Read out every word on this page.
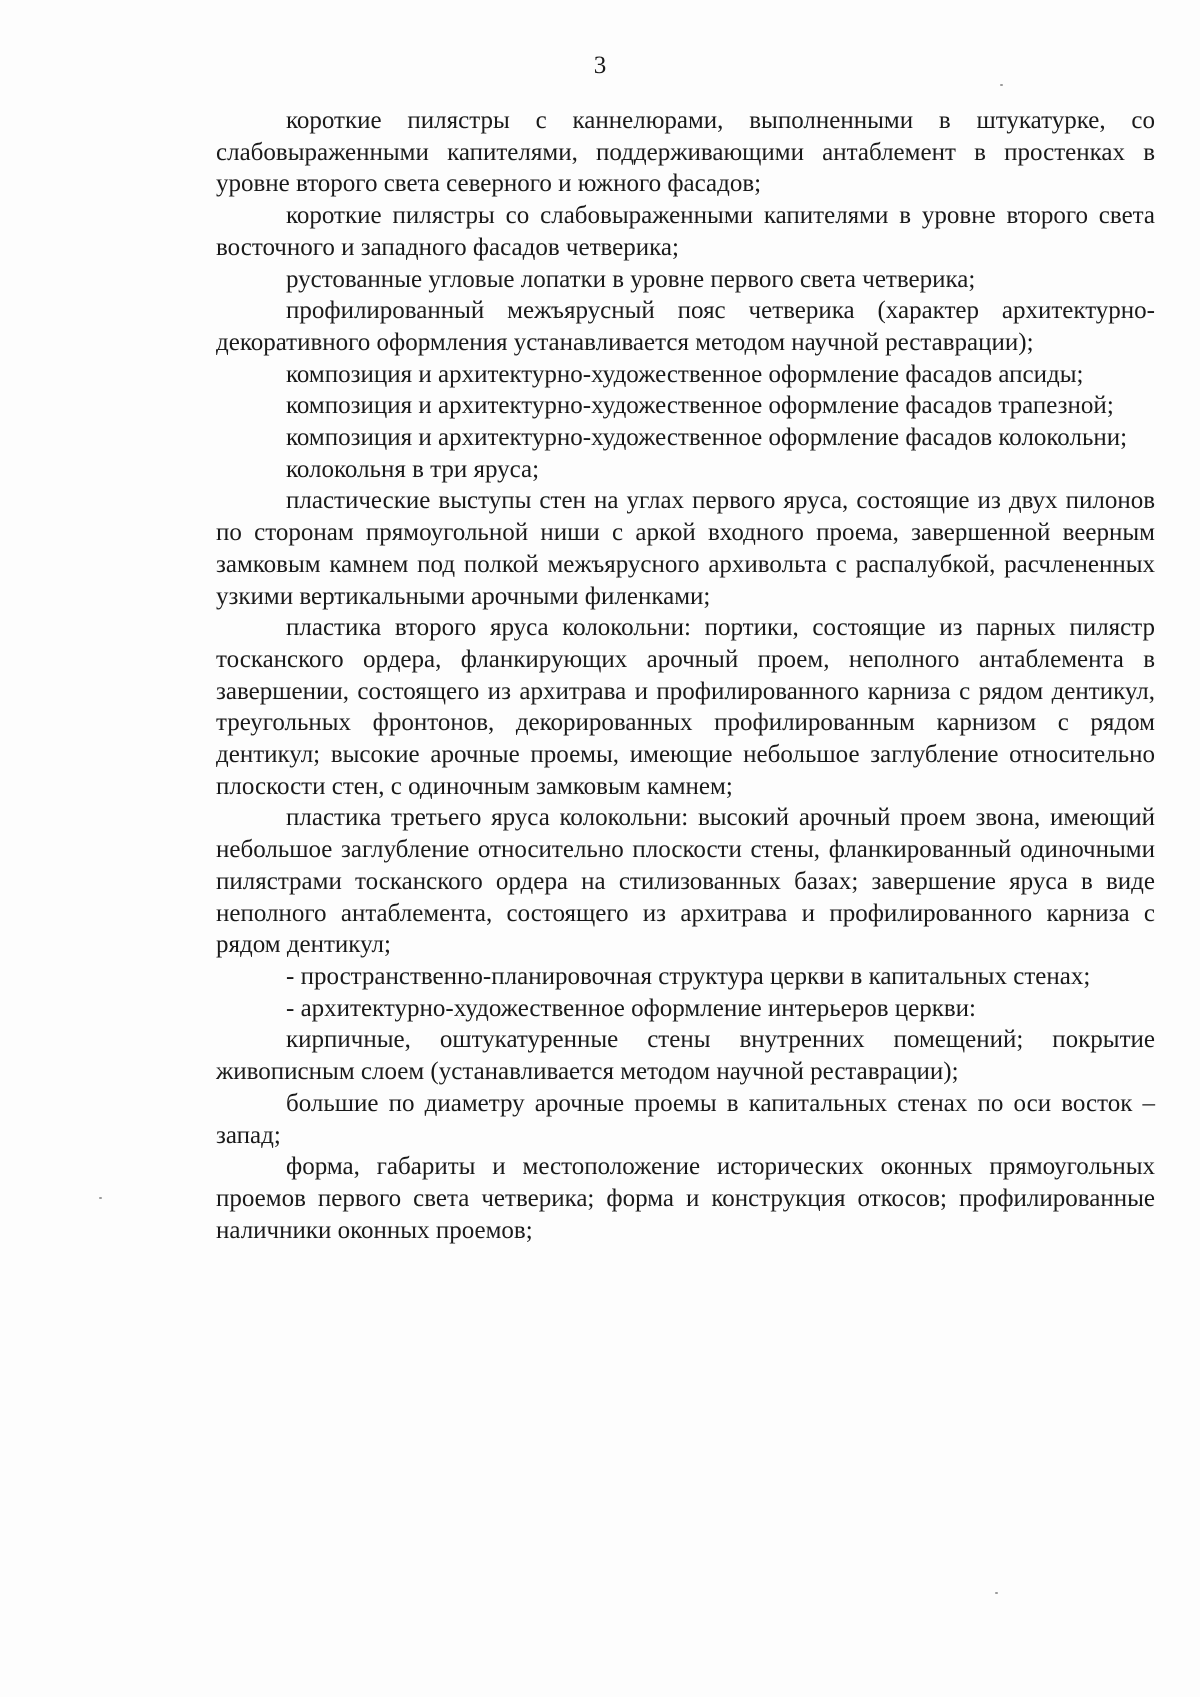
3

короткие пилястры с каннелюрами, выполненными в штукатурке, со слабовыраженными капителями, поддерживающими антаблемент в простенках в уровне второго света северного и южного фасадов;

короткие пилястры со слабовыраженными капителями в уровне второго света восточного и западного фасадов четверика;

рустованные угловые лопатки в уровне первого света четверика;

профилированный межъярусный пояс четверика (характер архитектурно-декоративного оформления устанавливается методом научной реставрации);

композиция и архитектурно-художественное оформление фасадов апсиды;

композиция и архитектурно-художественное оформление фасадов трапезной;

композиция и архитектурно-художественное оформление фасадов колокольни;

колокольня в три яруса;

пластические выступы стен на углах первого яруса, состоящие из двух пилонов по сторонам прямоугольной ниши с аркой входного проема, завершенной веерным замковым камнем под полкой межъярусного архивольта с распалубкой, расчлененных узкими вертикальными арочными филенками;

пластика второго яруса колокольни: портики, состоящие из парных пилястр тосканского ордера, фланкирующих арочный проем, неполного антаблемента в завершении, состоящего из архитрава и профилированного карниза с рядом дентикул, треугольных фронтонов, декорированных профилированным карнизом с рядом дентикул; высокие арочные проемы, имеющие небольшое заглубление относительно плоскости стен, с одиночным замковым камнем;

пластика третьего яруса колокольни: высокий арочный проем звона, имеющий небольшое заглубление относительно плоскости стены, фланкированный одиночными пилястрами тосканского ордера на стилизованных базах; завершение яруса в виде неполного антаблемента, состоящего из архитрава и профилированного карниза с рядом дентикул;

- пространственно-планировочная структура церкви в капитальных стенах;

- архитектурно-художественное оформление интерьеров церкви:

кирпичные, оштукатуренные стены внутренних помещений; покрытие живописным слоем (устанавливается методом научной реставрации);

большие по диаметру арочные проемы в капитальных стенах по оси восток – запад;

форма, габариты и местоположение исторических оконных прямоугольных проемов первого света четверика; форма и конструкция откосов; профилированные наличники оконных проемов;
